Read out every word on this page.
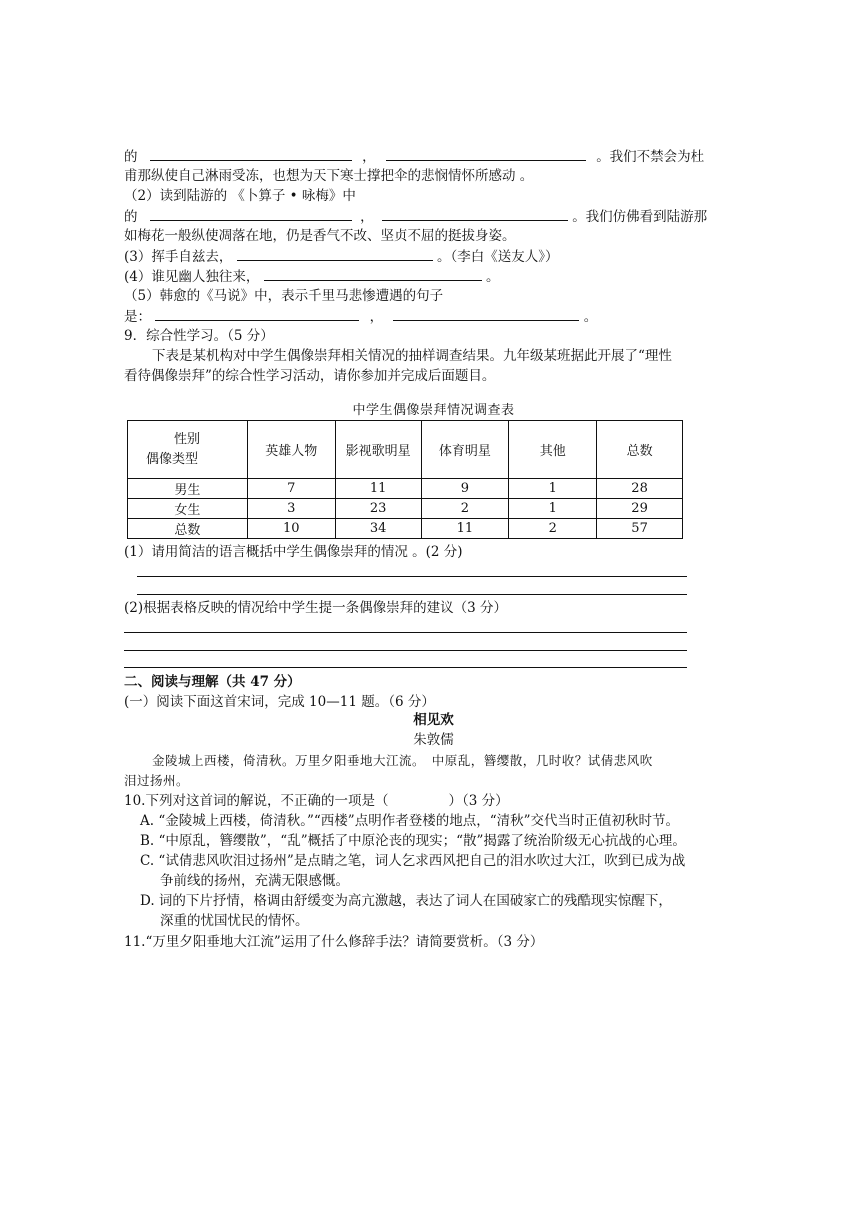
的	，	。我们不禁会为杜
甫那纵使自己淋雨受冻，也想为天下寒士撑把伞的悲悯情怀所感动 。
（2）读到陆游的 《卜算子 • 咏梅》中
的	，	。我们仿佛看到陆游那
如梅花一般纵使凋落在地，仍是香气不改、坚贞不屈的挺拔身姿。
(3）挥手自兹去，	。（李白《送友人》）
(4）谁见幽人独往来，	。
（5）韩愈的《马说》中，表示千里马悲惨遭遇的句子
是：	，	。
9．综合性学习。（5 分）
下表是某机构对中学生偶像崇拜相关情况的抽样调查结果。九年级某班据此开展了“理性
看待偶像崇拜”的综合性学习活动，请你参加并完成后面题目。
中学生偶像崇拜情况调查表
性别
偶像类型	英雄人物	影视歌明星	体育明星	其他	总数
男生	7	11	9	1	28
女生	3	23	2	1	29
总数	10	34	11	2	57
(1）请用简洁的语言概括中学生偶像崇拜的情况 。(2 分)
(2)根据表格反映的情况给中学生提一条偶像崇拜的建议（3 分）
二、阅读与理解（共 47 分）
(一）阅读下面这首宋词，完成 10—11 题。（6 分）
相见欢
朱敦儒
金陵城上西楼，倚清秋。万里夕阳垂地大江流。　中原乱，簪缨散，几时收？试倩悲风吹
泪过扬州。
10.下列对这首词的解说，不正确的一项是（	）（3 分）
A. “金陵城上西楼，倚清秋。”“西楼”点明作者登楼的地点，“清秋”交代当时正值初秋时节。
B. “中原乱，簪缨散”，“乱”概括了中原沦丧的现实；“散”揭露了统治阶级无心抗战的心理。
C. “试倩悲风吹泪过扬州”是点睛之笔，词人乞求西风把自己的泪水吹过大江，吹到已成为战
争前线的扬州，充满无限感慨。
D. 词的下片抒情，格调由舒缓变为高亢激越，表达了词人在国破家亡的残酷现实惊醒下，
深重的忧国忧民的情怀。
11.“万里夕阳垂地大江流”运用了什么修辞手法？请简要赏析。（3 分）
